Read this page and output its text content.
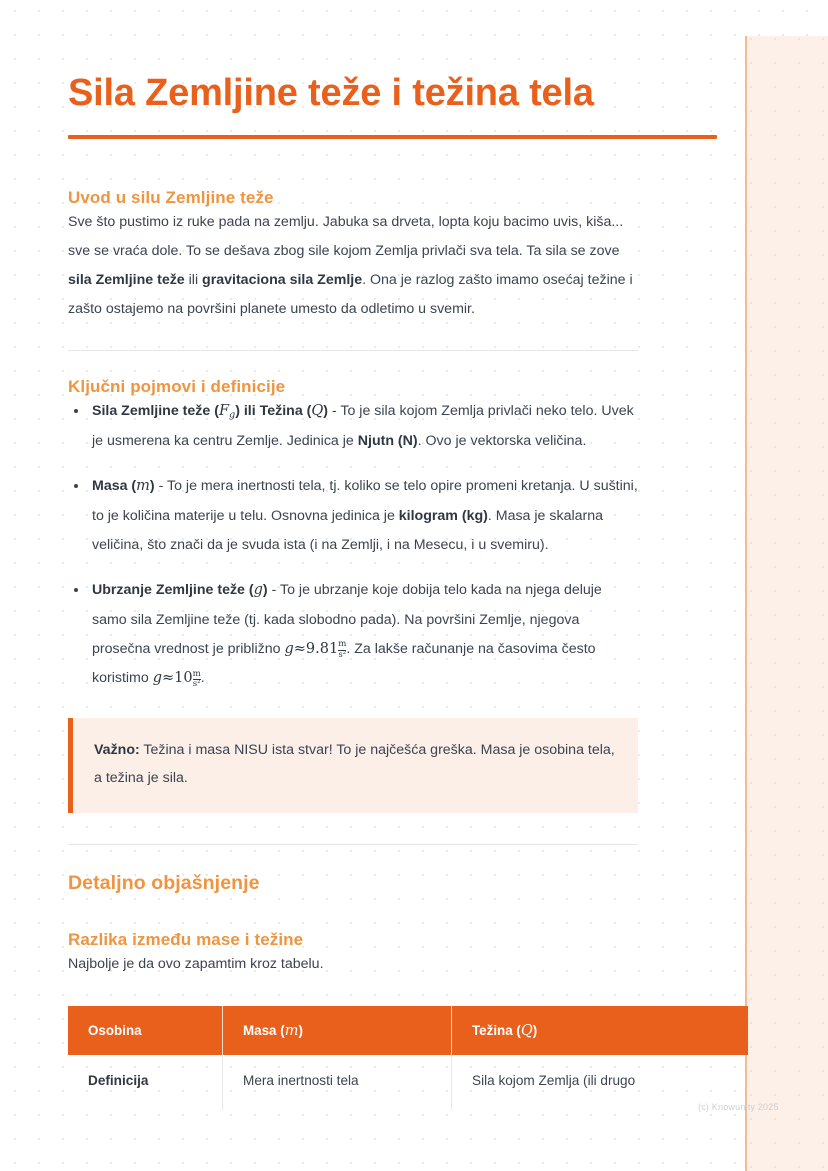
Sila Zemljine teže i težina tela
Uvod u silu Zemljine teže

Sve što pustimo iz ruke pada na zemlju. Jabuka sa drveta, lopta koju bacimo uvis, kiša... sve se vraća dole. To se dešava zbog sile kojom Zemlja privlači sva tela. Ta sila se zove sila Zemljine teže ili gravitaciona sila Zemlje. Ona je razlog zašto imamo osećaj težine i zašto ostajemo na površini planete umesto da odletimo u svemir.

Ključni pojmovi i definicije
Sila Zemljine teže $(F_g)$ ili Težina (Q) - To je sila kojom Zemlja privlači neko telo. Uvek je usmerena ka centru Zemlje. Jedinica je Njutn (N). Ovo je vektorska veličina.
Masa (m) - To je mera inertnosti tela, tj. koliko se telo opire promeni kretanja. U suštini, to je količina materije u telu. Osnovna jedinica je kilogram (kg). Masa je skalarna veličina, što znači da je svuda ista (i na Zemlji, i na Mesecu, i u svemiru).
Ubrzanje Zemljine teže (g) - To je ubrzanje koje dobija telo kada na njega deluje samo sila Zemljine teže (tj. kada slobodno pada). Na površini Zemlje, njegova prosečna vrednost je približno $g\approx 9.81 \frac{m}{\text{s²}}$ . Za lakše računanje na časovima često koristimo $g\approx 10 \frac{m}{\text{s²}}$ .

Važno: Težina i masa NISU ista stvar! To je najčešća greška. Masa je osobina tela, a težina je sila.

Detaljno objašnjenje
Razlika između mase i težine

Najbolje je da ovo zapamtim kroz tabelu.

Osobina	Masa (m)	Težina (Q)
Definicija	Mera inertnosti tela	Sila kojom Zemlja (ili drugo
(c) Knowunity 2025
